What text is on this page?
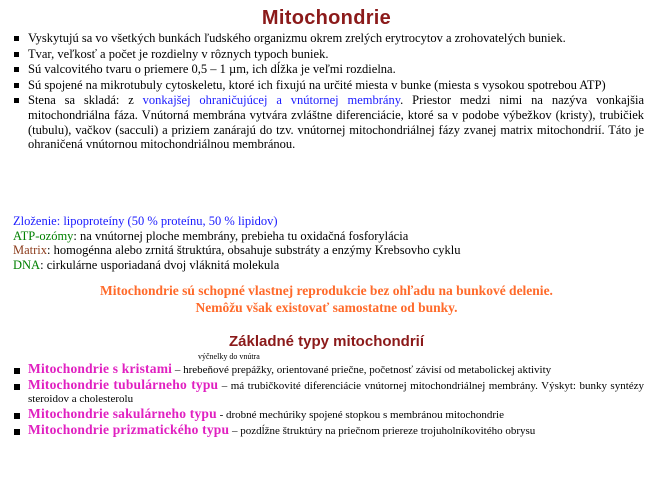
Mitochondrie
Vyskytujú sa vo všetkých bunkách ľudského organizmu okrem zrelých erytrocytov a zrohovatelých buniek.
Tvar, veľkosť a počet je rozdielny v rôznych typoch buniek.
Sú valcovitého tvaru o priemere 0,5 – 1 µm, ich dĺžka je veľmi rozdielna.
Sú spojené na mikrotubuly cytoskeletu, ktoré ich fixujú na určité miesta v bunke (miesta s vysokou spotrebou ATP)
Stena sa skladá: z vonkajšej ohraničujúcej a vnútornej membrány. Priestor medzi nimi na nazýva vonkajšia mitochondriálna fáza. Vnútorná membrána vytvára zvláštne diferenciácie, ktoré sa v podobe výbežkov (kristy), trubičiek (tubulu), vačkov (sacculi) a priziem zanárajú do tzv. vnútornej mitochondriálnej fázy zvanej matrix mitochondrií. Táto je ohraničená vnútornou mitochondriálnou membránou.
Zloženie: lipoproteíny (50 % proteínu, 50 % lipidov)
ATP-ozómy: na vnútornej ploche membrány, prebieha tu oxidačná fosforylácia
Matrix: homogénna alebo zrnitá štruktúra, obsahuje substráty a enzýmy Krebsovho cyklu
DNA: cirkulárne usporiadaná dvoj vláknitá molekula
Mitochondrie sú schopné vlastnej reprodukcie bez ohľadu na bunkové delenie.
Nemôžu však existovať samostatne od bunky.
Základné typy mitochondrií
výčnelky do vnútra
Mitochondrie s kristami – hrebeňové prepážky, orientované priečne, početnosť závisí od metabolickej aktivity
Mitochondrie tubulárneho typu – má trubičkovité diferenciácie vnútornej mitochondriálnej membrány. Výskyt: bunky syntézy steroidov a cholesterolu
Mitochondrie sakulárneho typu - drobné mechúriky spojené stopkou s membránou mitochondrie
Mitochondrie prizmatického typu – pozdĺžne štruktúry na priečnom priereze trojuholníkovitého obrysu
